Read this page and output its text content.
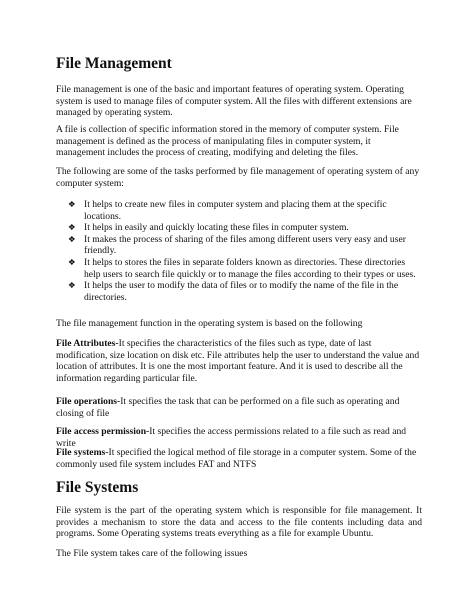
File Management

File management is one of the basic and important features of operating system. Operating system is used to manage files of computer system. All the files with different extensions are managed by operating system.

A file is collection of specific information stored in the memory of computer system. File management is defined as the process of manipulating files in computer system, it management includes the process of creating, modifying and deleting the files.

The following are some of the tasks performed by file management of operating system of any computer system:

❖ It helps to create new files in computer system and placing them at the specific locations.
❖ It helps in easily and quickly locating these files in computer system.
❖ It makes the process of sharing of the files among different users very easy and user friendly.
❖ It helps to stores the files in separate folders known as directories. These directories help users to search file quickly or to manage the files according to their types or uses.
❖ It helps the user to modify the data of files or to modify the name of the file in the directories.

The file management function in the operating system is based on the following

File Attributes-It specifies the characteristics of the files such as type, date of last modification, size location on disk etc. File attributes help the user to understand the value and location of attributes. It is one the most important feature. And it is used to describe all the information regarding particular file.

File operations-It specifies the task that can be performed on a file such as operating and closing of file

File access permission-It specifies the access permissions related to a file such as read and write

File systems-It specified the logical method of file storage in a computer system. Some of the commonly used file system includes FAT and NTFS

File Systems

File system is the part of the operating system which is responsible for file management. It provides a mechanism to store the data and access to the file contents including data and programs. Some Operating systems treats everything as a file for example Ubuntu.

The File system takes care of the following issues
